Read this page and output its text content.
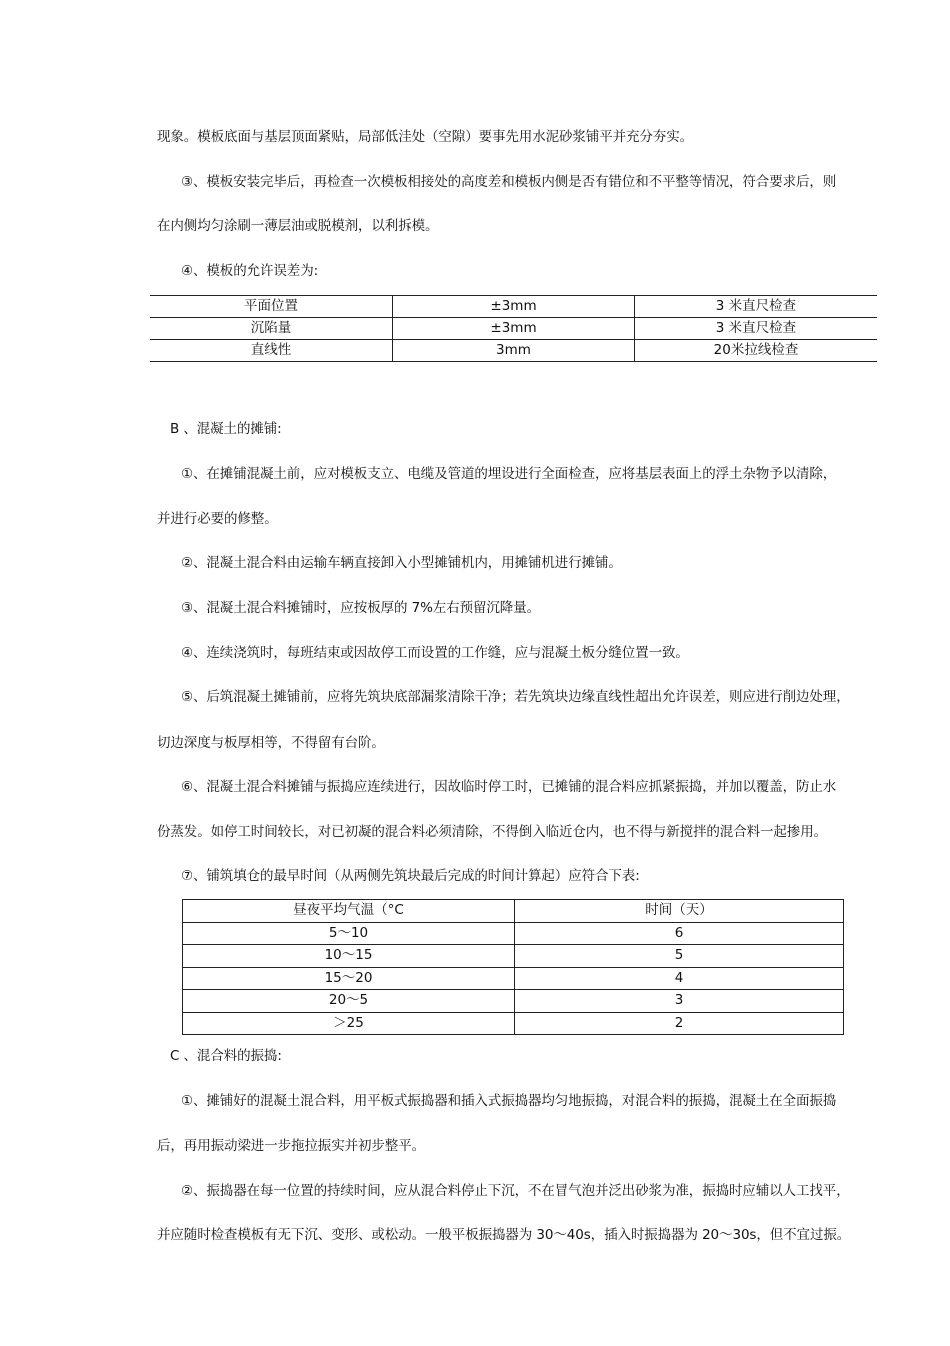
现象。模板底面与基层顶面紧贴，局部低洼处（空隙）要事先用水泥砂浆铺平并充分夯实。
③、模板安装完毕后，再检查一次模板相接处的高度差和模板内侧是否有错位和不平整等情况，符合要求后，则
在内侧均匀涂刷一薄层油或脱模剂，以利拆模。
④、模板的允许误差为:
平面位置	±3mm	3 米直尺检查
沉陷量	±3mm	3 米直尺检查
直线性	3mm	20米拉线检查
B 、混凝土的摊铺:
①、在摊铺混凝土前，应对模板支立、电缆及管道的埋设进行全面检查，应将基层表面上的浮土杂物予以清除，
并进行必要的修整。
②、混凝土混合料由运输车辆直接卸入小型摊铺机内，用摊铺机进行摊铺。
③、混凝土混合料摊铺时，应按板厚的 7%左右预留沉降量。
④、连续浇筑时，每班结束或因故停工而设置的工作缝，应与混凝土板分缝位置一致。
⑤、后筑混凝土摊铺前，应将先筑块底部漏浆清除干净；若先筑块边缘直线性超出允许误差，则应进行削边处理，
切边深度与板厚相等，不得留有台阶。
⑥、混凝土混合料摊铺与振捣应连续进行，因故临时停工时，已摊铺的混合料应抓紧振捣，并加以覆盖，防止水
份蒸发。如停工时间较长，对已初凝的混合料必须清除，不得倒入临近仓内，也不得与新搅拌的混合料一起掺用。
⑦、铺筑填仓的最早时间（从两侧先筑块最后完成的时间计算起）应符合下表:
昼夜平均气温（°C	时间（天）
5～10	6
10～15	5
15～20	4
20～5	3
＞25	2
C 、混合料的振捣:
①、摊铺好的混凝土混合料，用平板式振捣器和插入式振捣器均匀地振捣，对混合料的振捣，混凝土在全面振捣
后，再用振动梁进一步拖拉振实并初步整平。
②、振捣器在每一位置的持续时间，应从混合料停止下沉，不在冒气泡并泛出砂浆为准，振捣时应辅以人工找平，
并应随时检查模板有无下沉、变形、或松动。一般平板振捣器为 30～40s，插入时振捣器为 20～30s，但不宜过振。
